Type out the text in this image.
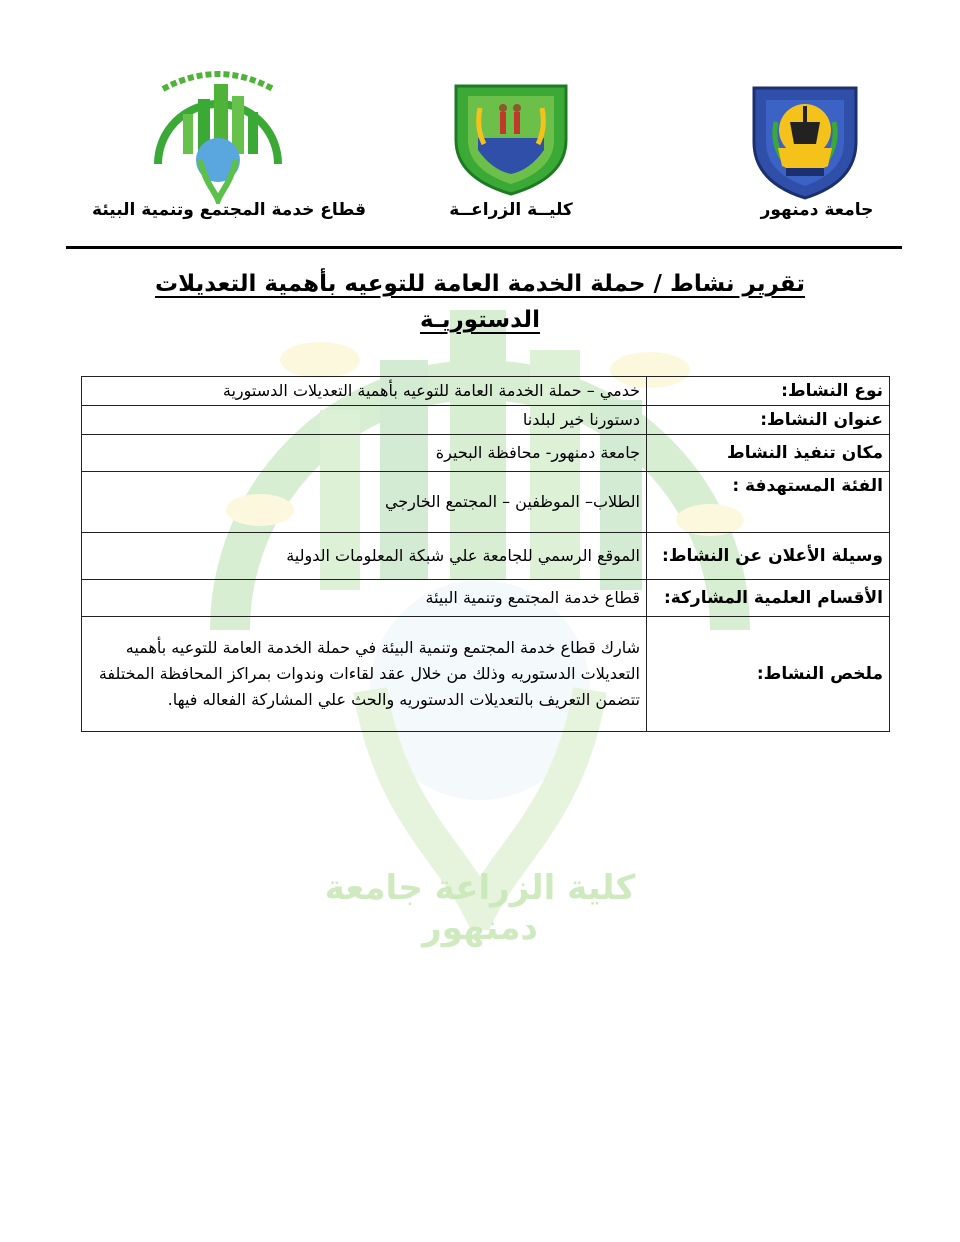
كلية الزراعة جامعة دمنهور
قطاع خدمة المجتمع وتنمية البيئة	كليــة الزراعــة	جامعة دمنهور
تقرير نشاط / حملة الخدمة العامة للتوعيه بأهمية التعديلات
الدستوريـة
نوع النشاط:	خدمي – حملة الخدمة العامة للتوعيه بأهمية التعديلات الدستورية
عنوان النشاط:	دستورنا خير لبلدنا
مكان تنفيذ النشاط	جامعة دمنهور- محافظة البحيرة
الفئة المستهدفة :	الطلاب– الموظفين – المجتمع الخارجي
وسيلة الأعلان عن النشاط:	الموقع الرسمي للجامعة علي شبكة المعلومات الدولية
الأقسام العلمية المشاركة:	قطاع خدمة المجتمع وتنمية البيئة
ملخص النشاط:	شارك قطاع خدمة المجتمع وتنمية البيئة في حملة الخدمة العامة للتوعيه بأهميه التعديلات الدستوريه وذلك من خلال عقد لقاءات وندوات بمراكز المحافظة المختلفة تتضمن التعريف بالتعديلات الدستوريه والحث علي المشاركة الفعاله فيها.
